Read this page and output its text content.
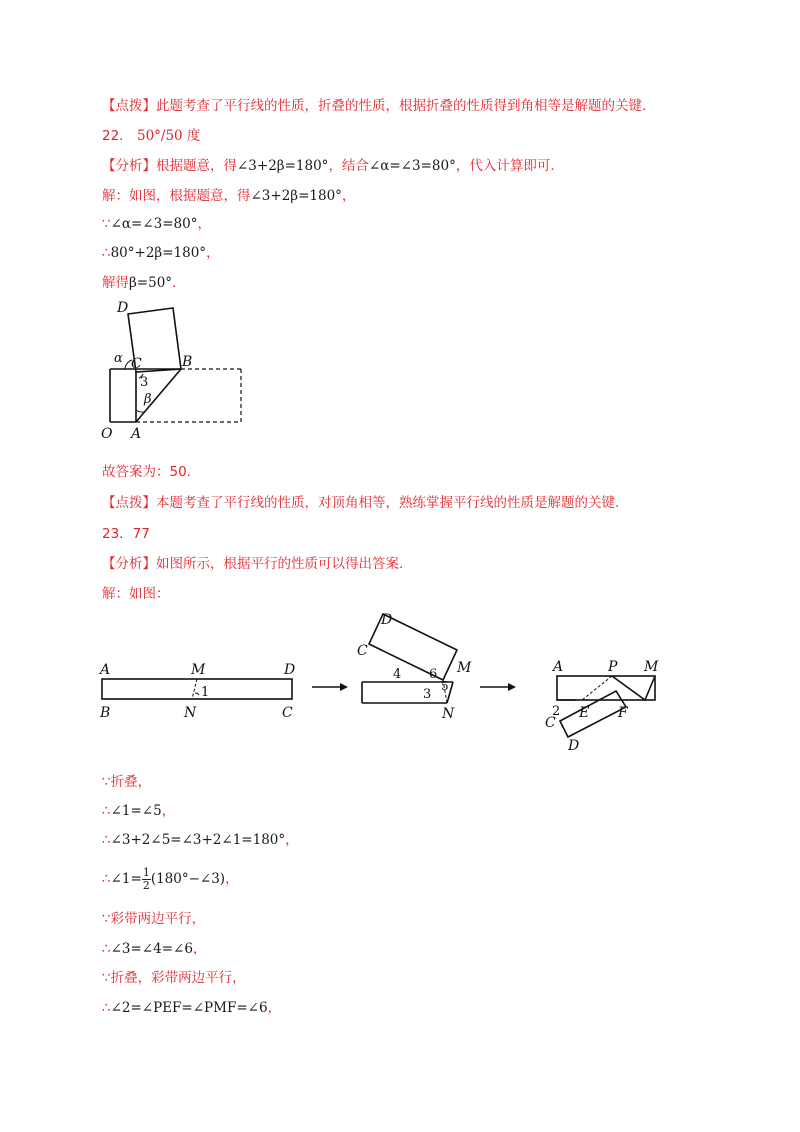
【点拨】此题考查了平行线的性质，折叠的性质，根据折叠的性质得到角相等是解题的关键.
22． 50°/50 度
【分析】根据题意，得∠3+2β=180°，结合∠α=∠3=80°，代入计算即可.
解：如图，根据题意，得∠3+2β=180°，
∵∠α=∠3=80°，
∴80°+2β=180°，
解得β=50°.
D
α C	B
3
β
O A
故答案为：50.
【点拨】本题考查了平行线的性质，对顶角相等，熟练掌握平行线的性质是解题的关键.
23．77
【分析】如图所示，根据平行的性质可以得出答案.
解：如图：
A	M	D
1
B	N	C
D
C
4 6 M
5
3
N
A	P M
2 E F
C
D
∵折叠，
∴∠1=∠5，
∴∠3+2∠5=∠3+2∠1=180°，
∴∠1= $\frac{1}{2}$ (180°−∠3)，
∵彩带两边平行，
∴∠3=∠4=∠6，
∵折叠，彩带两边平行，
∴∠2=∠PEF=∠PMF=∠6，
